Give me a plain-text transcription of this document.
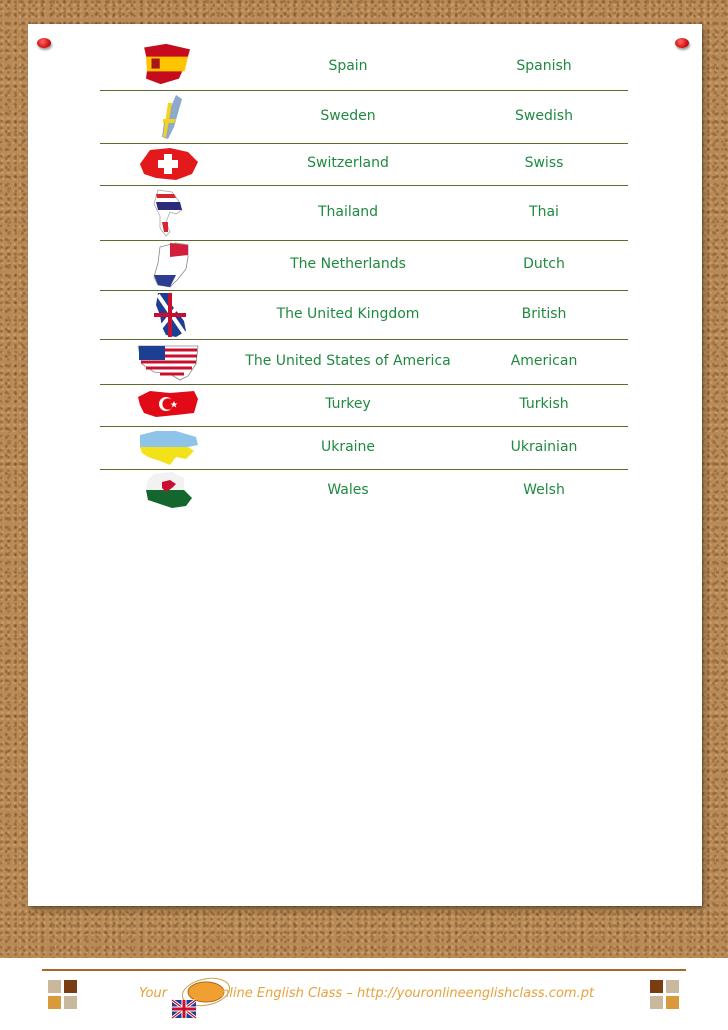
Spain	Spanish
Sweden	Swedish
Switzerland	Swiss
Thailand	Thai
The Netherlands	Dutch
The United Kingdom	British
The United States of America	American
Turkey	Turkish
Ukraine	Ukrainian
Wales	Welsh
Your	nline English Class – http://youronlineenglishclass.com.pt
